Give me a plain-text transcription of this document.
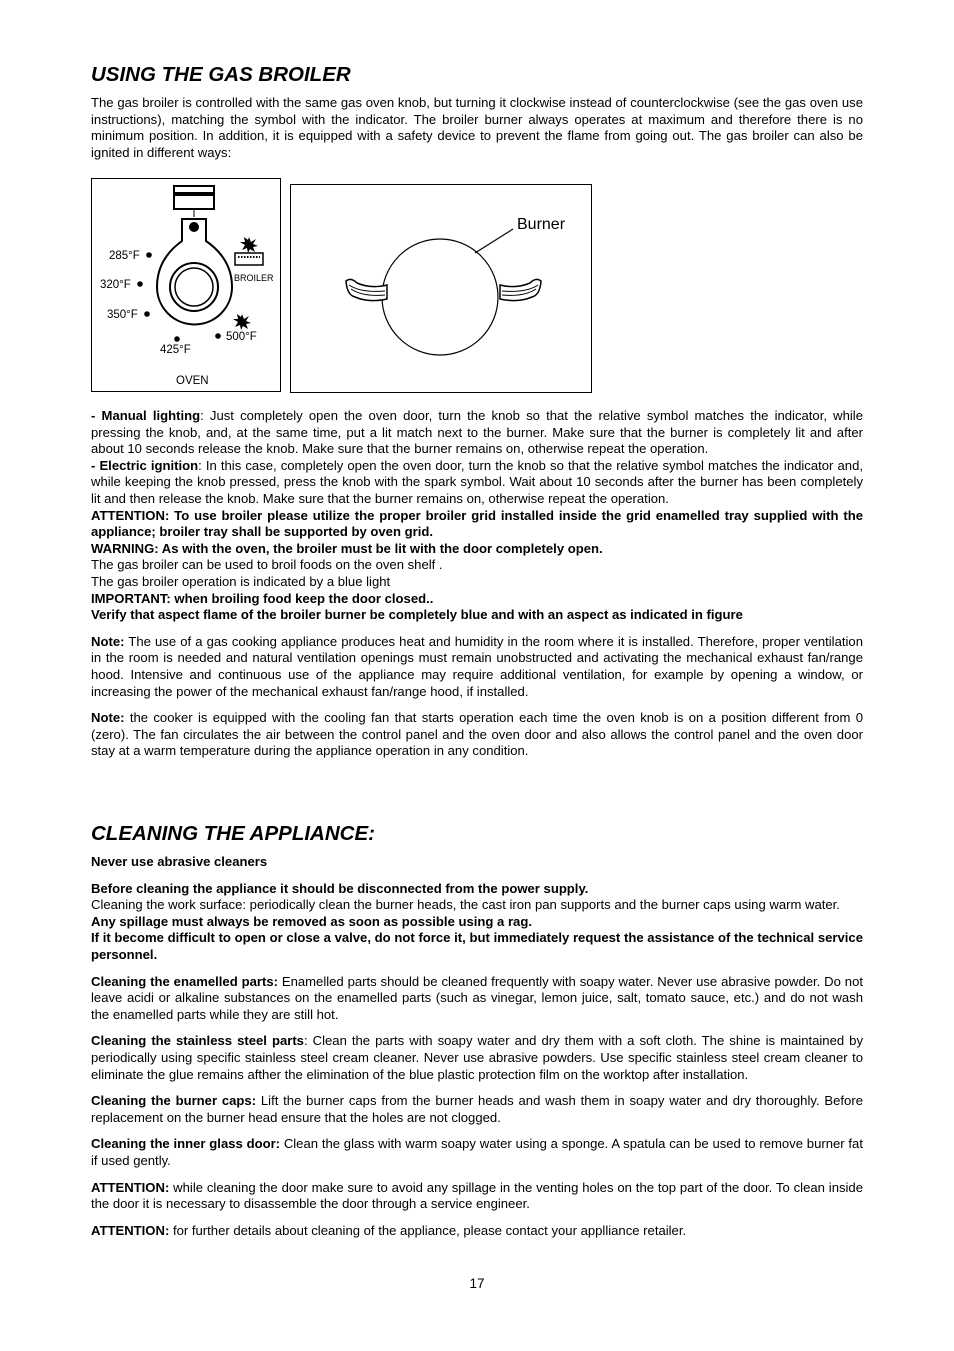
USING THE GAS BROILER

The gas broiler is controlled with the same gas oven knob, but turning it clockwise instead of counterclockwise (see the gas oven use instructions), matching the symbol with the indicator. The broiler burner always operates at maximum and therefore there is no minimum position. In addition, it is equipped with a safety device to prevent the flame from going out. The gas broiler can also be ignited in different ways:

BROILER
285°F
320°F
350°F
425°F
500°F
OVEN
Burner

- Manual lighting: Just completely open the oven door, turn the knob so that the relative symbol matches the indicator, while pressing the knob, and, at the same time, put a lit match next to the burner. Make sure that the burner is completely lit and after about 10 seconds release the knob. Make sure that the burner remains on, otherwise repeat the operation.

- Electric ignition: In this case, completely open the oven door, turn the knob so that the relative symbol matches the indicator and, while keeping the knob pressed, press the knob with the spark symbol. Wait about 10 seconds after the burner has been completely lit and then release the knob. Make sure that the burner remains on, otherwise repeat the operation.

ATTENTION: To use broiler please utilize the proper broiler grid installed inside the grid enamelled tray supplied with the appliance; broiler tray shall be supported by oven grid.

WARNING: As with the oven, the broiler must be lit with the door completely open.

The gas broiler can be used to broil foods on the oven shelf .

The gas broiler operation is indicated by a blue light

IMPORTANT: when broiling food keep the door closed..

Verify that aspect flame of the broiler burner be completely blue and with an aspect as indicated in figure

Note: The use of a gas cooking appliance produces heat and humidity in the room where it is installed. Therefore, proper ventilation in the room is needed and natural ventilation openings must remain unobstructed and activating the mechanical exhaust fan/range hood. Intensive and continuous use of the appliance may require additional ventilation, for example by opening a window, or increasing the power of the mechanical exhaust fan/range hood, if installed.

Note: the cooker is equipped with the cooling fan that starts operation each time the oven knob is on a position different from 0 (zero). The fan circulates the air between the control panel and the oven door and also allows the control panel and the oven door stay at a warm temperature during the appliance operation in any condition.

CLEANING THE APPLIANCE:

Never use abrasive cleaners

Before cleaning the appliance it should be disconnected from the power supply.

Cleaning the work surface: periodically clean the burner heads, the cast iron pan supports and the burner caps using warm water.

Any spillage must always be removed as soon as possible using a rag.

If it become difficult to open or close a valve, do not force it, but immediately request the assistance of the technical service personnel.

Cleaning the enamelled parts: Enamelled parts should be cleaned frequently with soapy water. Never use abrasive powder. Do not leave acidi or alkaline substances on the enamelled parts (such as vinegar, lemon juice, salt, tomato sauce, etc.) and do not wash the enamelled parts while they are still hot.

Cleaning the stainless steel parts: Clean the parts with soapy water and dry them with a soft cloth. The shine is maintained by periodically using specific stainless steel cream cleaner. Never use abrasive powders. Use specific stainless steel cream cleaner to eliminate the glue remains afther the elimination of the blue plastic protection film on the worktop after installation.

Cleaning the burner caps: Lift the burner caps from the burner heads and wash them in soapy water and dry thoroughly. Before replacement on the burner head ensure that the holes are not clogged.

Cleaning the inner glass door: Clean the glass with warm soapy water using a sponge. A spatula can be used to remove burner fat if used gently.

ATTENTION: while cleaning the door make sure to avoid any spillage in the venting holes on the top part of the door. To clean inside the door it is necessary to disassemble the door through a service engineer.

ATTENTION: for further details about cleaning of the appliance, please contact your applliance retailer.

17
